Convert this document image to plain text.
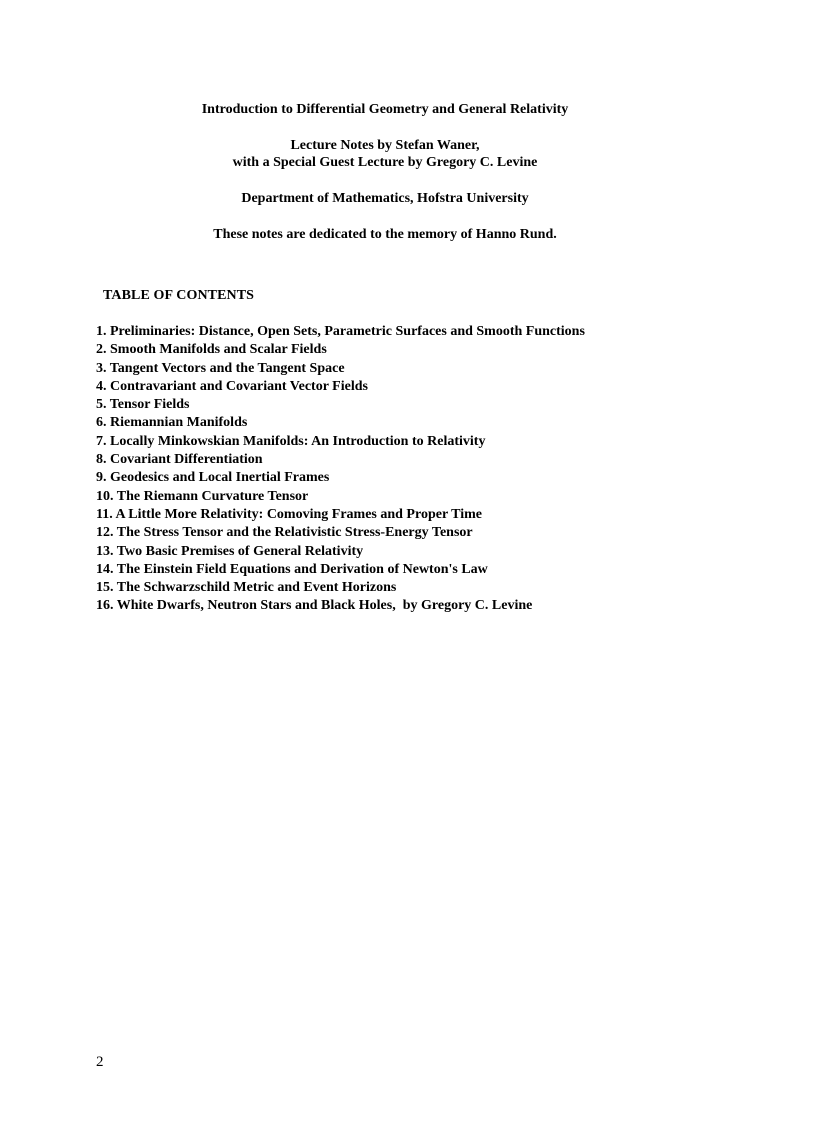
Introduction to Differential Geometry and General Relativity
Lecture Notes by Stefan Waner,
with a Special Guest Lecture by Gregory C. Levine
Department of Mathematics, Hofstra University
These notes are dedicated to the memory of Hanno Rund.
TABLE OF CONTENTS
1. Preliminaries: Distance, Open Sets, Parametric Surfaces and Smooth Functions
2. Smooth Manifolds and Scalar Fields
3. Tangent Vectors and the Tangent Space
4. Contravariant and Covariant Vector Fields
5. Tensor Fields
6. Riemannian Manifolds
7. Locally Minkowskian Manifolds: An Introduction to Relativity
8. Covariant Differentiation
9. Geodesics and Local Inertial Frames
10. The Riemann Curvature Tensor
11. A Little More Relativity: Comoving Frames and Proper Time
12. The Stress Tensor and the Relativistic Stress-Energy Tensor
13. Two Basic Premises of General Relativity
14. The Einstein Field Equations and Derivation of Newton's Law
15. The Schwarzschild Metric and Event Horizons
16. White Dwarfs, Neutron Stars and Black Holes,  by Gregory C. Levine
2
